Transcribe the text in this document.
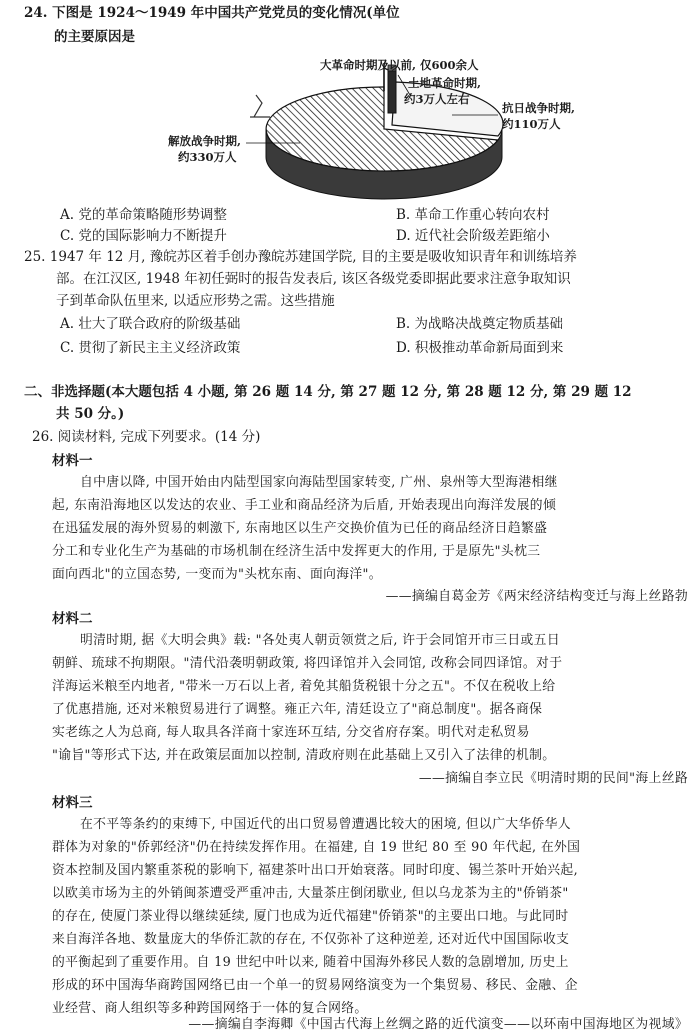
24. 下图是 1924～1949 年中国共产党党员的变化情况(单位
的主要原因是
大革命时期及以前, 仅600余人
土地革命时期,
约3万人左右
抗日战争时期,
约110万人
解放战争时期,
约330万人
A. 党的革命策略随形势调整	B. 革命工作重心转向农村
C. 党的国际影响力不断提升	D. 近代社会阶级差距缩小
25. 1947 年 12 月, 豫皖苏区着手创办豫皖苏建国学院, 目的主要是吸收知识青年和训练培养
部。在江汉区, 1948 年初任弼时的报告发表后, 该区各级党委即据此要求注意争取知识
子到革命队伍里来, 以适应形势之需。这些措施
A. 壮大了联合政府的阶级基础	B. 为战略决战奠定物质基础
C. 贯彻了新民主主义经济政策	D. 积极推动革命新局面到来
二、非选择题(本大题包括 4 小题, 第 26 题 14 分, 第 27 题 12 分, 第 28 题 12 分, 第 29 题 12
共 50 分。)
26. 阅读材料, 完成下列要求。(14 分)
材料一
自中唐以降, 中国开始由内陆型国家向海陆型国家转变, 广州、泉州等大型海港相继
起, 东南沿海地区以发达的农业、手工业和商品经济为后盾, 开始表现出向海洋发展的倾
在迅猛发展的海外贸易的刺激下, 东南地区以生产交换价值为已任的商品经济日趋繁盛
分工和专业化生产为基础的市场机制在经济生活中发挥更大的作用, 于是原先"头枕三
面向西北"的立国态势, 一变而为"头枕东南、面向海洋"。
——摘编自葛金芳《两宋经济结构变迁与海上丝路勃
材料二
明清时期, 据《大明会典》载: "各处夷人朝贡领赏之后, 许于会同馆开市三日或五日
朝鲜、琉球不拘期限。"清代沿袭明朝政策, 将四译馆并入会同馆, 改称会同四译馆。对于
洋海运米粮至内地者, "带米一万石以上者, 着免其船货税银十分之五"。不仅在税收上给
了优惠措施, 还对米粮贸易进行了调整。雍正六年, 清廷设立了"商总制度"。据各商保
实老练之人为总商, 每人取具各洋商十家连环互结, 分交省府存案。明代对走私贸易
"谕旨"等形式下达, 并在政策层面加以控制, 清政府则在此基础上又引入了法律的机制。
——摘编自李立民《明清时期的民间"海上丝路
材料三
在不平等条约的束缚下, 中国近代的出口贸易曾遭遇比较大的困境, 但以广大华侨华人
群体为对象的"侨郭经济"仍在持续发挥作用。在福建, 自 19 世纪 80 至 90 年代起, 在外国
资本控制及国内繁重茶税的影响下, 福建茶叶出口开始衰落。同时印度、锡兰茶叶开始兴起,
以欧美市场为主的外销闽茶遭受严重冲击, 大量茶庄倒闭歇业, 但以乌龙茶为主的"侨销茶"
的存在, 使厦门茶业得以继续延续, 厦门也成为近代福建"侨销茶"的主要出口地。与此同时
来自海洋各地、数量庞大的华侨汇款的存在, 不仅弥补了这种逆差, 还对近代中国国际收支
的平衡起到了重要作用。自 19 世纪中叶以来, 随着中国海外移民人数的急剧增加, 历史上
形成的环中国海华商跨国网络已由一个单一的贸易网络演变为一个集贸易、移民、金融、企
业经营、商人组织等多种跨国网络于一体的复合网络。
——摘编自李海卿《中国古代海上丝绸之路的近代演变——以环南中国海地区为视域》
